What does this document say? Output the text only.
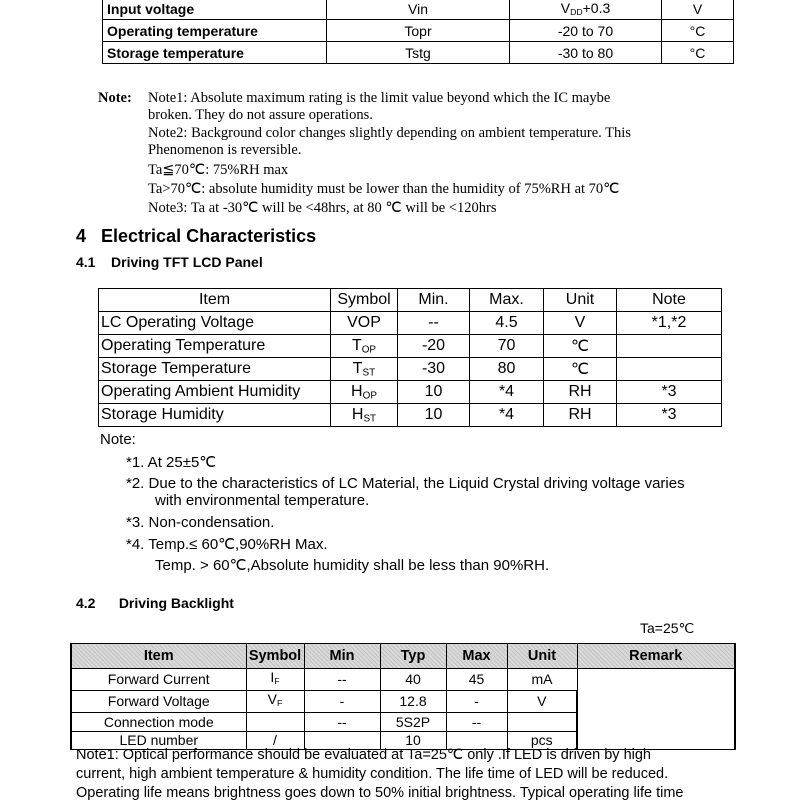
Input voltage	Vin	$V_{DD}+0.3$	V
Operating temperature	Topr	-20 to 70	°C
Storage temperature	Tstg	-30 to 80	°C
Note: Note1: Absolute maximum rating is the limit value beyond which the IC maybe
broken. They do not assure operations.
Note2: Background color changes slightly depending on ambient temperature. This
Phenomenon is reversible.
Ta≦70℃: 75%RH max
Ta>70℃: absolute humidity must be lower than the humidity of 75%RH at 70℃
Note3: Ta at -30℃ will be <48hrs, at 80 ℃ will be <120hrs
4 Electrical Characteristics
4.1 Driving TFT LCD Panel
Item	Symbol	Min.	Max.	Unit	Note
LC Operating Voltage	VOP	--	4.5	V	*1,*2
Operating Temperature	$T_{OP}$	-20	70	℃	
Storage Temperature	$T_{ST}$	-30	80	℃	
Operating Ambient Humidity	$H_{OP}$	10	*4	RH	*3
Storage Humidity	$H_{ST}$	10	*4	RH	*3
Note:
*1. At 25±5℃
*2. Due to the characteristics of LC Material, the Liquid Crystal driving voltage varies
with environmental temperature.
*3. Non-condensation.
*4. Temp.≤ 60℃,90%RH Max.
Temp. > 60℃,Absolute humidity shall be less than 90%RH.
4.2 Driving Backlight
Ta=25℃
Item	Symbol	Min	Typ	Max	Unit	Remark
Forward Current	$I_F$	--	40	45	mA	
Forward Voltage	$V_F$	-	12.8	-	V	
Connection mode		--	5S2P	--		
LED number	/		10		pcs	
Note1: Optical performance should be evaluated at Ta=25℃ only .If LED is driven by high
current, high ambient temperature & humidity condition. The life time of LED will be reduced.
Operating life means brightness goes down to 50% initial brightness. Typical operating life time
